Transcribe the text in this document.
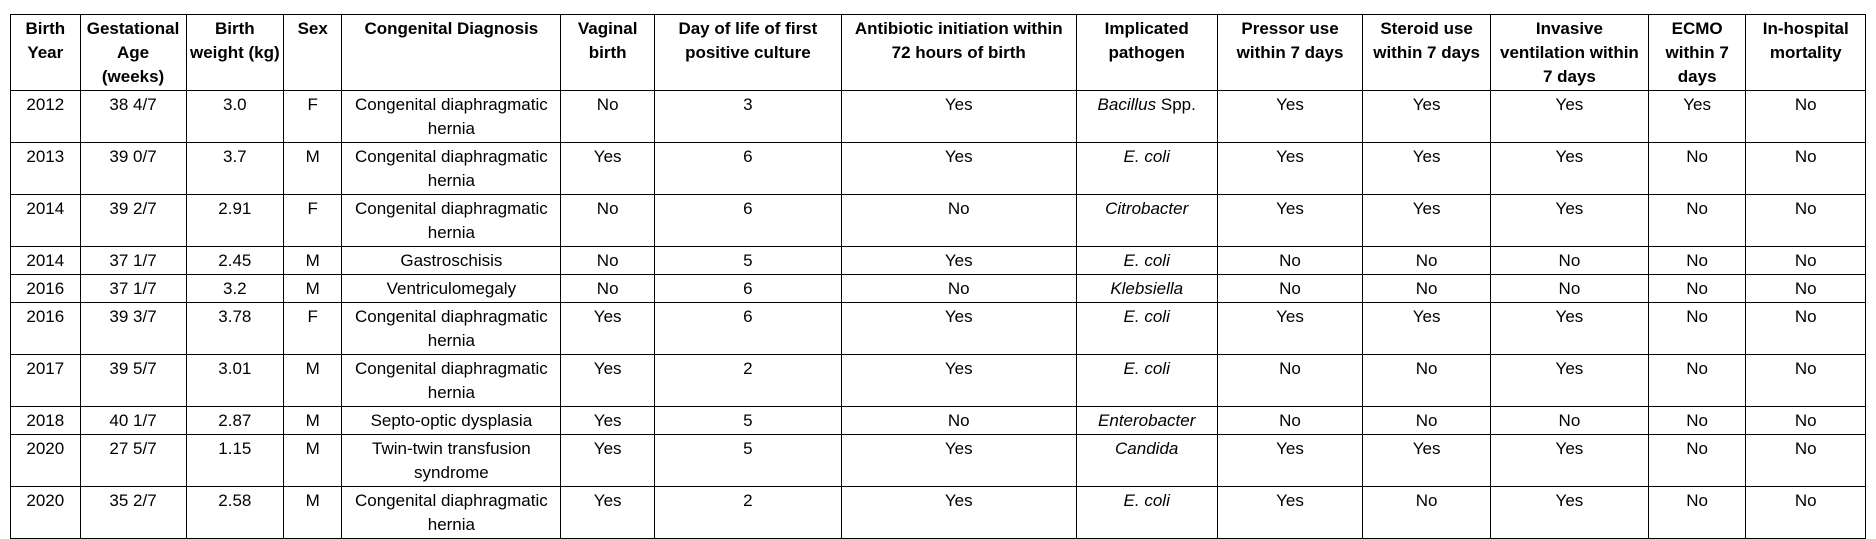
Birth Year	Gestational Age (weeks)	Birth weight (kg)	Sex	Congenital Diagnosis	Vaginal birth	Day of life of first positive culture	Antibiotic initiation within 72 hours of birth	Implicated pathogen	Pressor use within 7 days	Steroid use within 7 days	Invasive ventilation within 7 days	ECMO within 7 days	In-hospital mortality
2012	38 4/7	3.0	F	Congenital diaphragmatic hernia	No	3	Yes	Bacillus Spp.	Yes	Yes	Yes	Yes	No
2013	39 0/7	3.7	M	Congenital diaphragmatic hernia	Yes	6	Yes	E. coli	Yes	Yes	Yes	No	No
2014	39 2/7	2.91	F	Congenital diaphragmatic hernia	No	6	No	Citrobacter	Yes	Yes	Yes	No	No
2014	37 1/7	2.45	M	Gastroschisis	No	5	Yes	E. coli	No	No	No	No	No
2016	37 1/7	3.2	M	Ventriculomegaly	No	6	No	Klebsiella	No	No	No	No	No
2016	39 3/7	3.78	F	Congenital diaphragmatic hernia	Yes	6	Yes	E. coli	Yes	Yes	Yes	No	No
2017	39 5/7	3.01	M	Congenital diaphragmatic hernia	Yes	2	Yes	E. coli	No	No	Yes	No	No
2018	40 1/7	2.87	M	Septo-optic dysplasia	Yes	5	No	Enterobacter	No	No	No	No	No
2020	27 5/7	1.15	M	Twin-twin transfusion syndrome	Yes	5	Yes	Candida	Yes	Yes	Yes	No	No
2020	35 2/7	2.58	M	Congenital diaphragmatic hernia	Yes	2	Yes	E. coli	Yes	No	Yes	No	No
